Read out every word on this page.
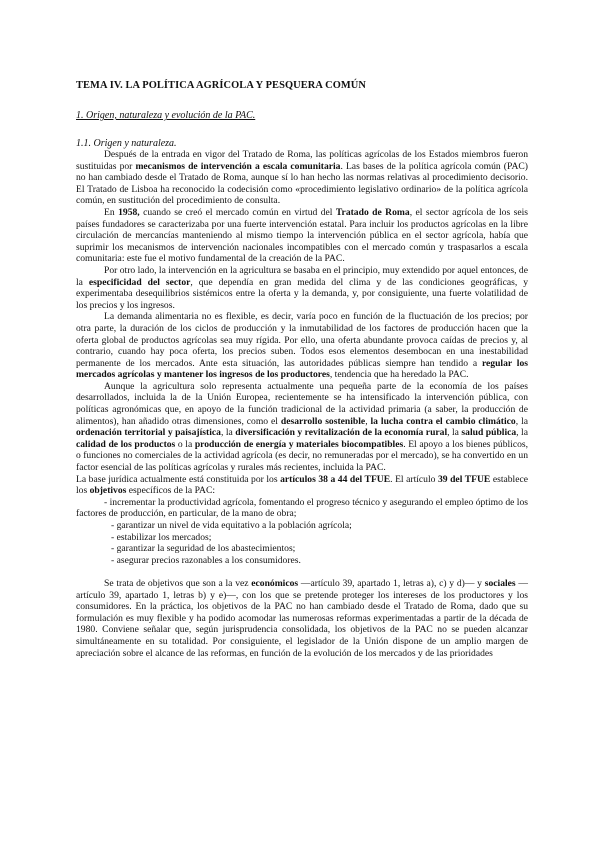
TEMA IV. LA POLÍTICA AGRÍCOLA Y PESQUERA COMÚN
1. Origen, naturaleza y evolución de la PAC.
1.1. Origen y naturaleza.

Después de la entrada en vigor del Tratado de Roma, las políticas agrícolas de los Estados miembros fueron sustituidas por mecanismos de intervención a escala comunitaria. Las bases de la política agrícola común (PAC) no han cambiado desde el Tratado de Roma, aunque sí lo han hecho las normas relativas al procedimiento decisorio. El Tratado de Lisboa ha reconocido la codecisión como «procedimiento legislativo ordinario» de la política agrícola común, en sustitución del procedimiento de consulta.

En 1958, cuando se creó el mercado común en virtud del Tratado de Roma, el sector agrícola de los seis países fundadores se caracterizaba por una fuerte intervención estatal. Para incluir los productos agrícolas en la libre circulación de mercancías manteniendo al mismo tiempo la intervención pública en el sector agrícola, había que suprimir los mecanismos de intervención nacionales incompatibles con el mercado común y traspasarlos a escala comunitaria: este fue el motivo fundamental de la creación de la PAC.

Por otro lado, la intervención en la agricultura se basaba en el principio, muy extendido por aquel entonces, de la especificidad del sector, que dependía en gran medida del clima y de las condiciones geográficas, y experimentaba desequilibrios sistémicos entre la oferta y la demanda, y, por consiguiente, una fuerte volatilidad de los precios y los ingresos.

La demanda alimentaria no es flexible, es decir, varía poco en función de la fluctuación de los precios; por otra parte, la duración de los ciclos de producción y la inmutabilidad de los factores de producción hacen que la oferta global de productos agrícolas sea muy rígida. Por ello, una oferta abundante provoca caídas de precios y, al contrario, cuando hay poca oferta, los precios suben. Todos esos elementos desembocan en una inestabilidad permanente de los mercados. Ante esta situación, las autoridades públicas siempre han tendido a regular los mercados agrícolas y mantener los ingresos de los productores, tendencia que ha heredado la PAC.

Aunque la agricultura solo representa actualmente una pequeña parte de la economía de los países desarrollados, incluida la de la Unión Europea, recientemente se ha intensificado la intervención pública, con políticas agronómicas que, en apoyo de la función tradicional de la actividad primaria (a saber, la producción de alimentos), han añadido otras dimensiones, como el desarrollo sostenible, la lucha contra el cambio climático, la ordenación territorial y paisajística, la diversificación y revitalización de la economía rural, la salud pública, la calidad de los productos o la producción de energía y materiales biocompatibles. El apoyo a los bienes públicos, o funciones no comerciales de la actividad agrícola (es decir, no remuneradas por el mercado), se ha convertido en un factor esencial de las políticas agrícolas y rurales más recientes, incluida la PAC.

La base jurídica actualmente está constituida por los artículos 38 a 44 del TFUE. El artículo 39 del TFUE establece los objetivos específicos de la PAC:

- incrementar la productividad agrícola, fomentando el progreso técnico y asegurando el empleo óptimo de los factores de producción, en particular, de la mano de obra;

- garantizar un nivel de vida equitativo a la población agrícola;
- estabilizar los mercados;
- garantizar la seguridad de los abastecimientos;
- asegurar precios razonables a los consumidores.

Se trata de objetivos que son a la vez económicos —artículo 39, apartado 1, letras a), c) y d)— y sociales —artículo 39, apartado 1, letras b) y e)—, con los que se pretende proteger los intereses de los productores y los consumidores. En la práctica, los objetivos de la PAC no han cambiado desde el Tratado de Roma, dado que su formulación es muy flexible y ha podido acomodar las numerosas reformas experimentadas a partir de la década de 1980. Conviene señalar que, según jurisprudencia consolidada, los objetivos de la PAC no se pueden alcanzar simultáneamente en su totalidad. Por consiguiente, el legislador de la Unión dispone de un amplio margen de apreciación sobre el alcance de las reformas, en función de la evolución de los mercados y de las prioridades
